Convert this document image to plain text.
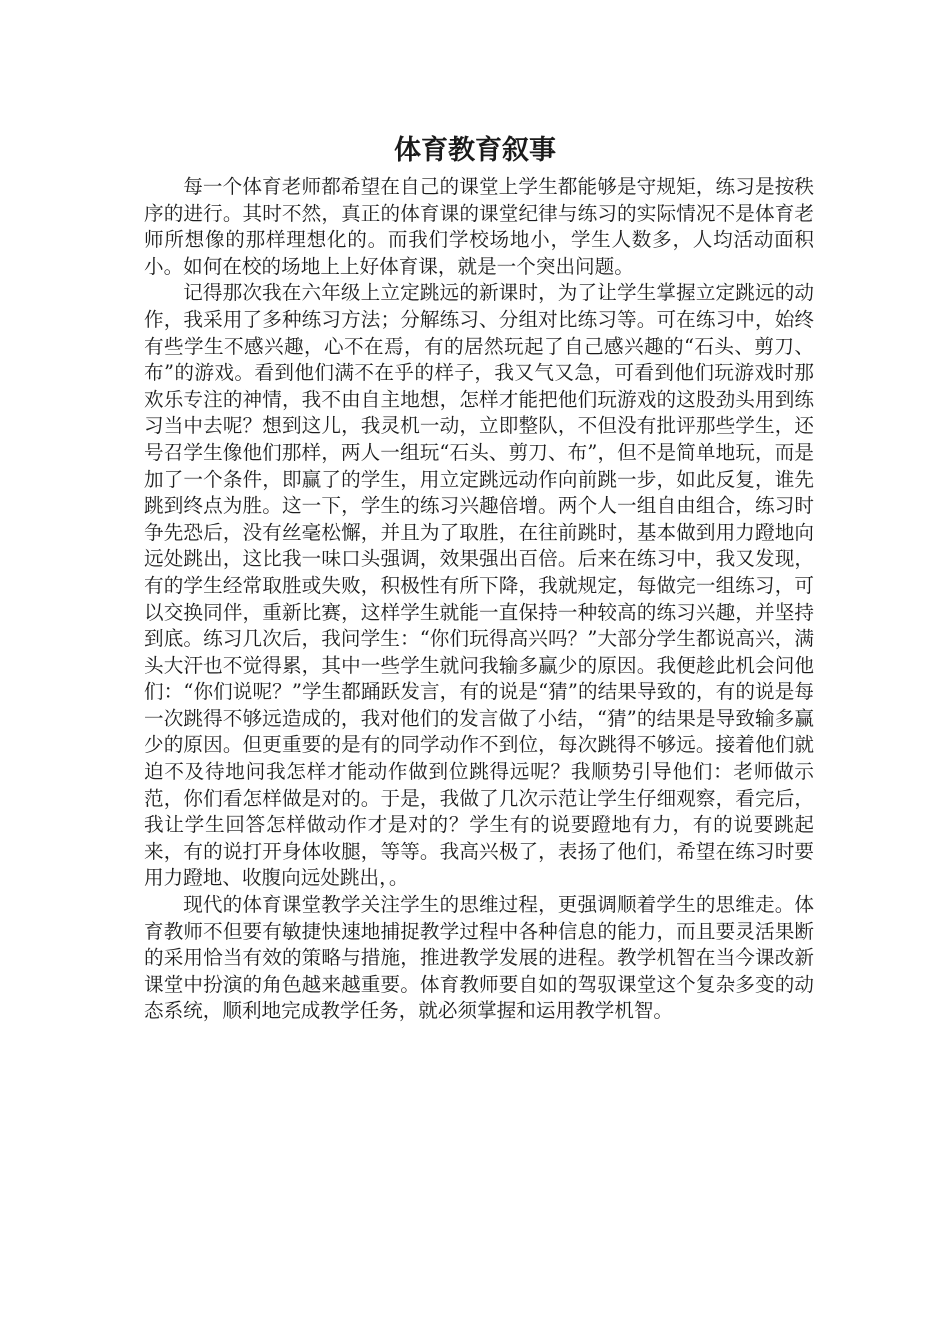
体育教育叙事

每一个体育老师都希望在自己的课堂上学生都能够是守规矩，练习是按秩序的进行。其时不然，真正的体育课的课堂纪律与练习的实际情况不是体育老师所想像的那样理想化的。而我们学校场地小，学生人数多，人均活动面积小。如何在校的场地上上好体育课，就是一个突出问题。

记得那次我在六年级上立定跳远的新课时，为了让学生掌握立定跳远的动作，我采用了多种练习方法；分解练习、分组对比练习等。可在练习中，始终有些学生不感兴趣，心不在焉，有的居然玩起了自己感兴趣的“石头、剪刀、布”的游戏。看到他们满不在乎的样子，我又气又急，可看到他们玩游戏时那欢乐专注的神情，我不由自主地想，怎样才能把他们玩游戏的这股劲头用到练习当中去呢？想到这儿，我灵机一动，立即整队，不但没有批评那些学生，还号召学生像他们那样，两人一组玩“石头、剪刀、布”，但不是简单地玩，而是加了一个条件，即赢了的学生，用立定跳远动作向前跳一步，如此反复，谁先跳到终点为胜。这一下，学生的练习兴趣倍增。两个人一组自由组合，练习时争先恐后，没有丝毫松懈，并且为了取胜，在往前跳时，基本做到用力蹬地向远处跳出，这比我一味口头强调，效果强出百倍。后来在练习中，我又发现，有的学生经常取胜或失败，积极性有所下降，我就规定，每做完一组练习，可以交换同伴，重新比赛，这样学生就能一直保持一种较高的练习兴趣，并坚持到底。练习几次后，我问学生：“你们玩得高兴吗？”大部分学生都说高兴，满头大汗也不觉得累，其中一些学生就问我输多赢少的原因。我便趁此机会问他们：“你们说呢？”学生都踊跃发言，有的说是“猜”的结果导致的，有的说是每一次跳得不够远造成的，我对他们的发言做了小结，“猜”的结果是导致输多赢少的原因。但更重要的是有的同学动作不到位，每次跳得不够远。接着他们就迫不及待地问我怎样才能动作做到位跳得远呢？我顺势引导他们：老师做示范，你们看怎样做是对的。于是，我做了几次示范让学生仔细观察，看完后，我让学生回答怎样做动作才是对的？学生有的说要蹬地有力，有的说要跳起来，有的说打开身体收腿，等等。我高兴极了，表扬了他们，希望在练习时要用力蹬地、收腹向远处跳出，。

现代的体育课堂教学关注学生的思维过程，更强调顺着学生的思维走。体育教师不但要有敏捷快速地捕捉教学过程中各种信息的能力，而且要灵活果断的采用恰当有效的策略与措施，推进教学发展的进程。教学机智在当今课改新课堂中扮演的角色越来越重要。体育教师要自如的驾驭课堂这个复杂多变的动态系统，顺利地完成教学任务，就必须掌握和运用教学机智。
